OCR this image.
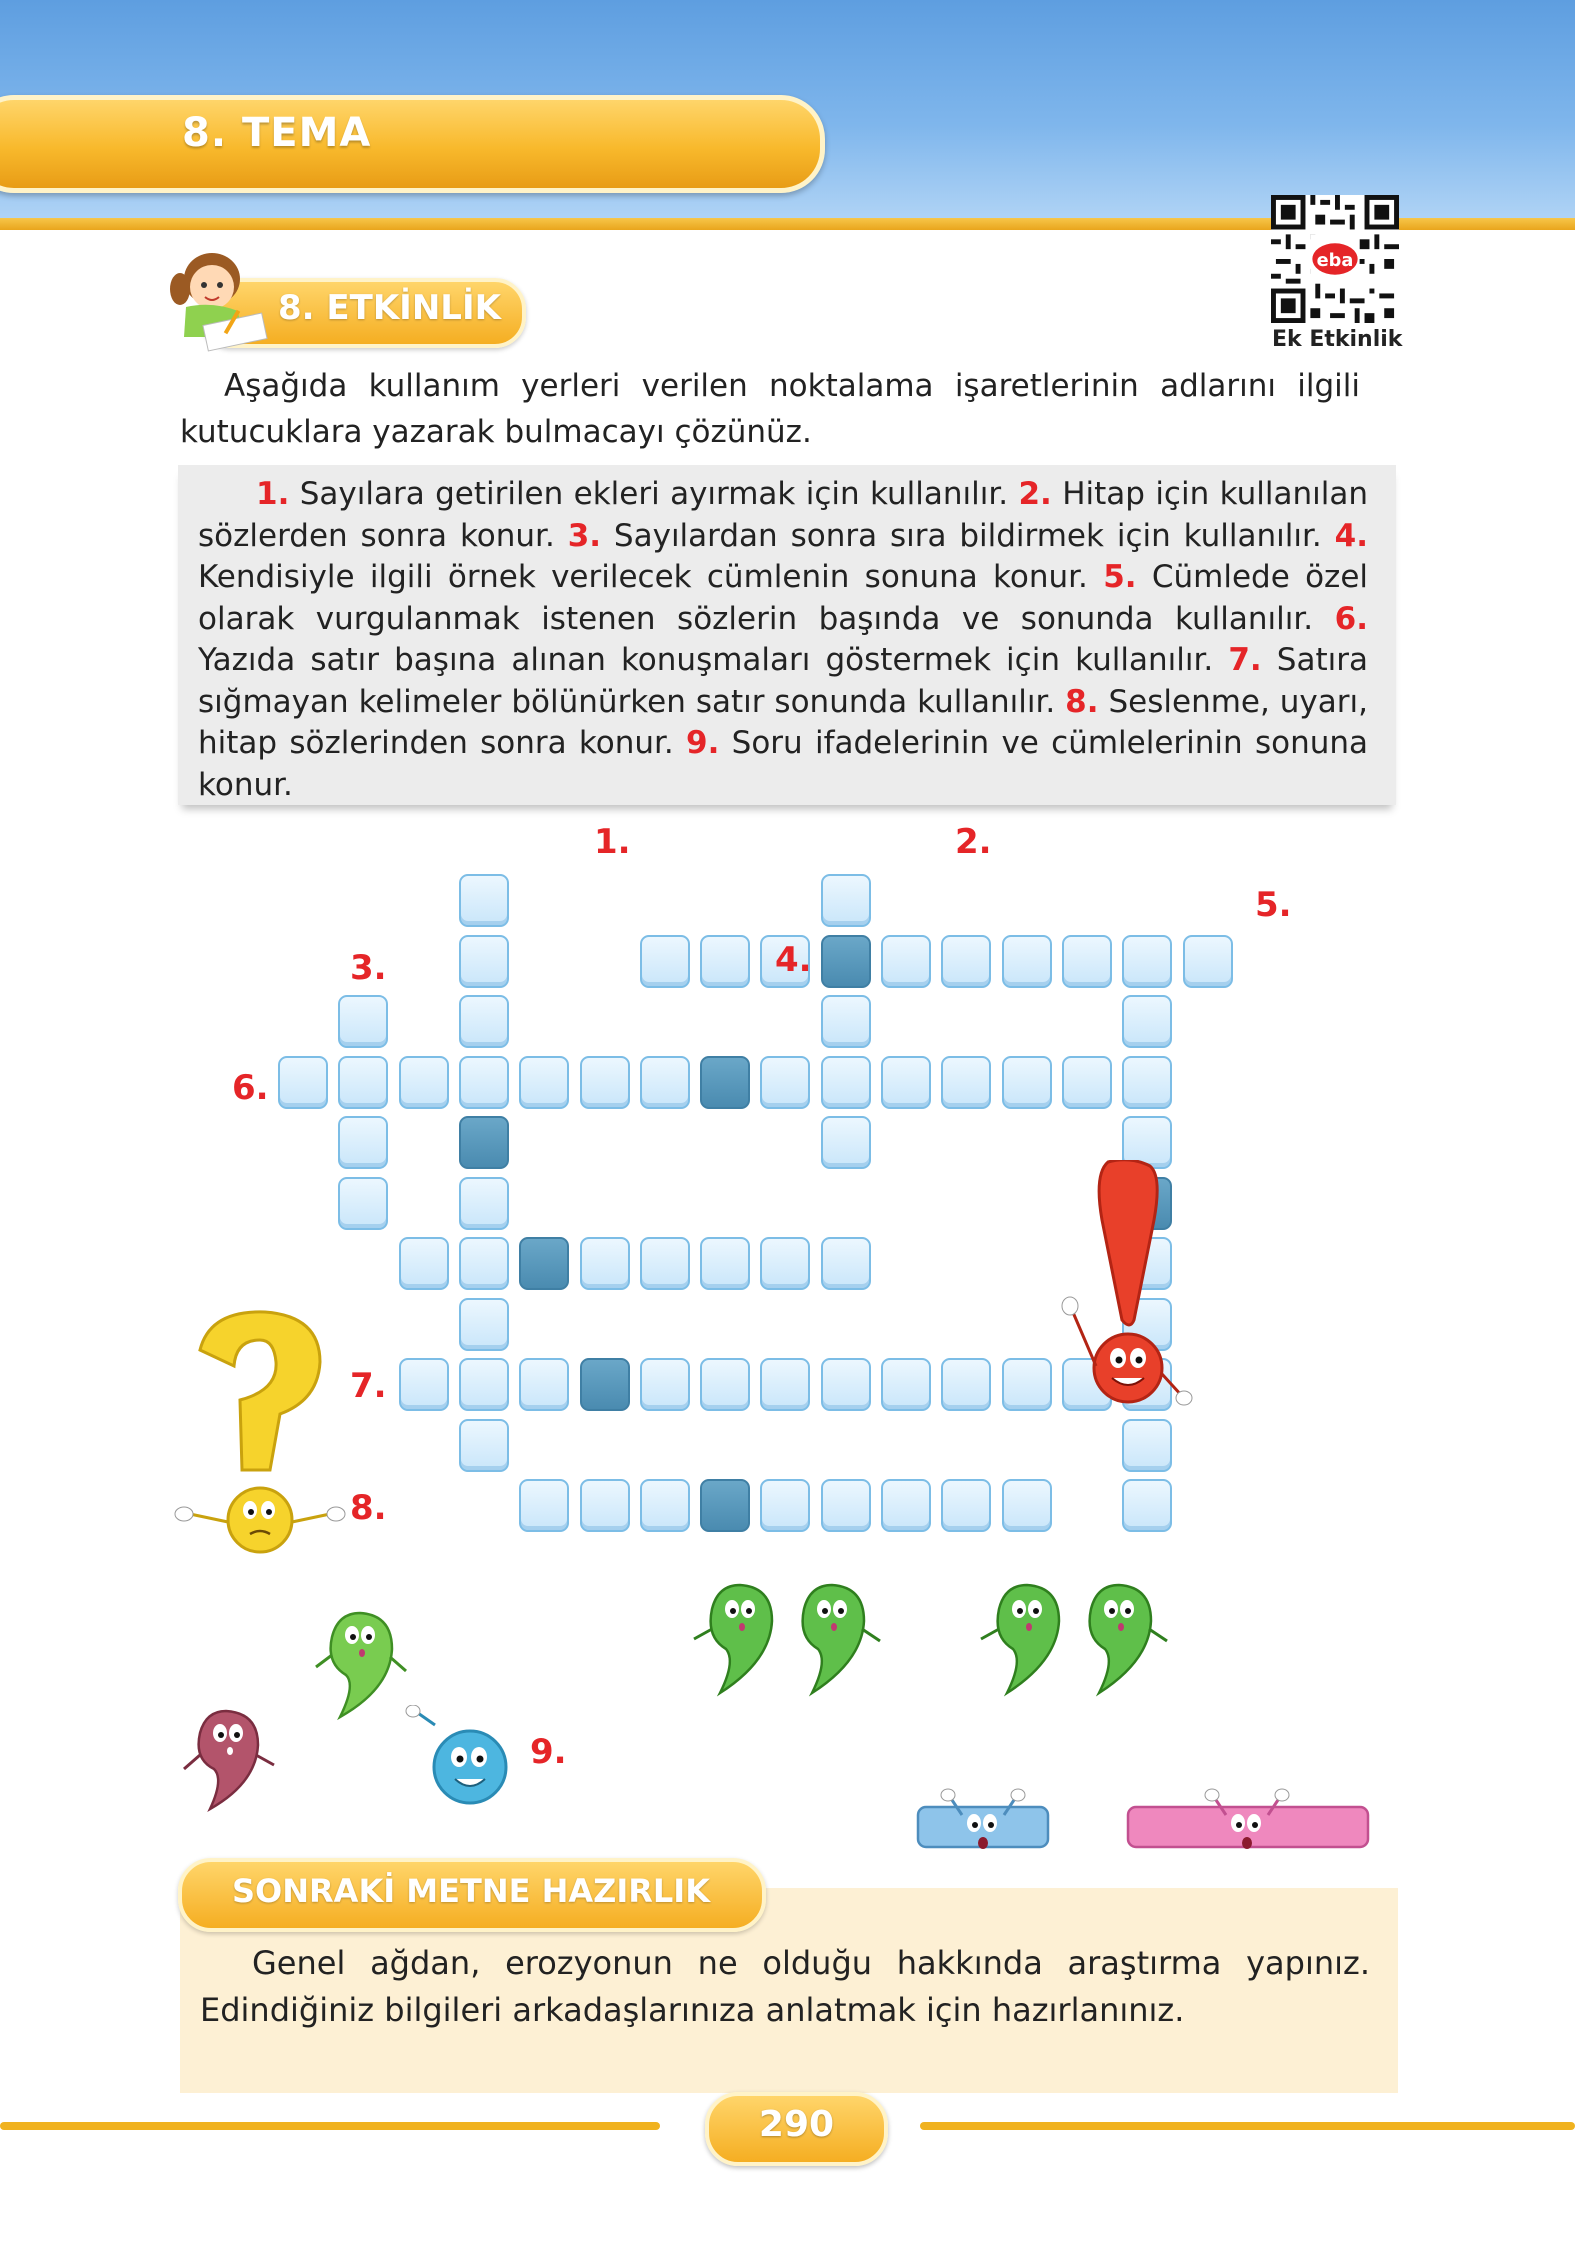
8. TEMA
eba
Ek Etkinlik
8. ETKİNLİK
Aşağıda kullanım yerleri verilen noktalama işaretlerinin adlarını ilgili kutucuklara yazarak bulmacayı çözünüz.
1. Sayılara getirilen ekleri ayırmak için kullanılır. 2. Hitap için kullanılan sözlerden sonra konur. 3. Sayılardan sonra sıra bildirmek için kullanılır. 4. Kendisiyle ilgili örnek verilecek cümlenin sonuna konur. 5. Cümlede özel olarak vurgulanmak istenen sözlerin başında ve sonunda kullanılır. 6. Yazıda satır başına alınan konuşmaları göstermek için kullanılır. 7. Satıra sığmayan kelimeler bölünürken satır sonunda kullanılır. 8. Seslenme, uyarı, hitap sözlerinden sonra konur. 9. Soru ifadelerinin ve cümlelerinin sonuna konur.
1.	2.
5.
4.
3.
6.
7.
8.
9.
SONRAKİ METNE HAZIRLIK
Genel ağdan, erozyonun ne olduğu hakkında araştırma yapınız. Edindiğiniz bilgileri arkadaşlarınıza anlatmak için hazırlanınız.
290
